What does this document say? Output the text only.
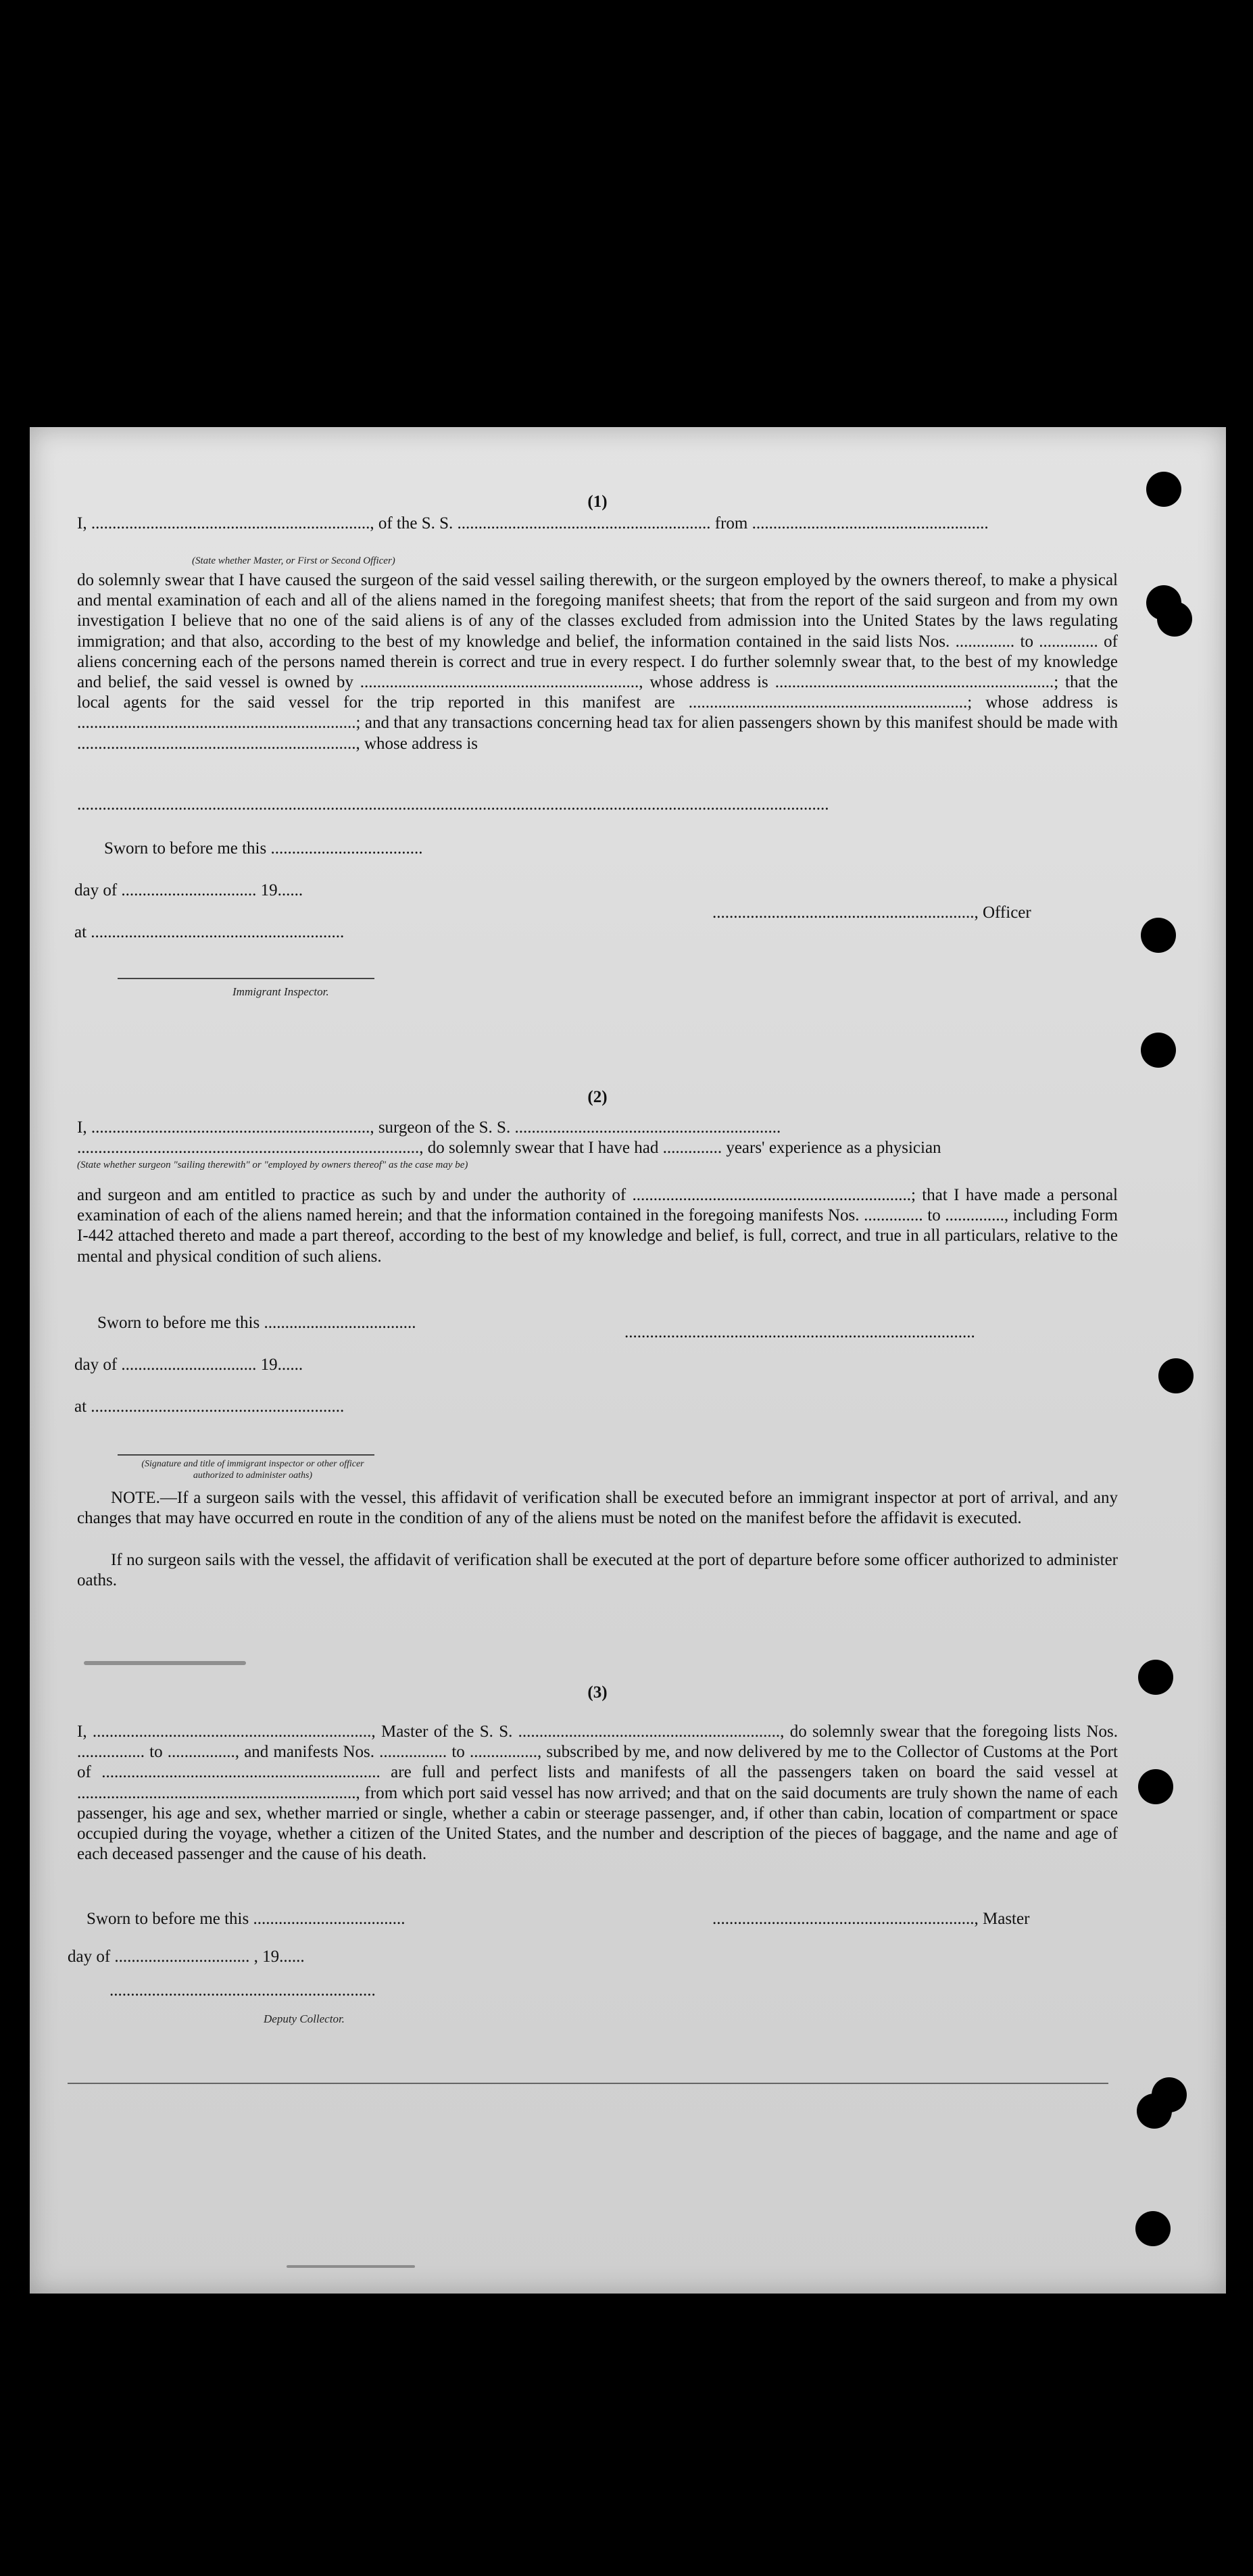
(1)
I, .................................................................., of the S. S. ............................................................ from ........................................................
(State whether Master, or First or Second Officer)
do solemnly swear that I have caused the surgeon of the said vessel sailing therewith, or the surgeon employed by the owners thereof, to make a physical and mental examination of each and all of the aliens named in the foregoing manifest sheets; that from the report of the said surgeon and from my own investigation I believe that no one of the said aliens is of any of the classes excluded from admission into the United States by the laws regulating immigration; and that also, according to the best of my knowledge and belief, the information contained in the said lists Nos. .............. to .............. of aliens concerning each of the persons named therein is correct and true in every respect. I do further solemnly swear that, to the best of my knowledge and belief, the said vessel is owned by .................................................................., whose address is ..................................................................; that the local agents for the said vessel for the trip reported in this manifest are ..................................................................; whose address is ..................................................................; and that any transactions concerning head tax for alien passengers shown by this manifest should be made with .................................................................., whose address is
..................................................................................................................................................................................
Sworn to before me this ....................................
day of ................................ 19......
.............................................................., Officer
at ............................................................
Immigrant Inspector.
(2)
I, .................................................................., surgeon of the S. S. ...............................................................
................................................................................., do solemnly swear that I have had .............. years' experience as a physician
(State whether surgeon "sailing therewith" or "employed by owners thereof" as the case may be)
and surgeon and am entitled to practice as such by and under the authority of ..................................................................; that I have made a personal examination of each of the aliens named herein; and that the information contained in the foregoing manifests Nos. .............. to .............., including Form I-442 attached thereto and made a part thereof, according to the best of my knowledge and belief, is full, correct, and true in all particulars, relative to the mental and physical condition of such aliens.
Sworn to before me this ....................................
...................................................................................
day of ................................ 19......
at ............................................................
(Signature and title of immigrant inspector or other officer authorized to administer oaths)
NOTE.—If a surgeon sails with the vessel, this affidavit of verification shall be executed before an immigrant inspector at port of arrival, and any changes that may have occurred en route in the condition of any of the aliens must be noted on the manifest before the affidavit is executed.
If no surgeon sails with the vessel, the affidavit of verification shall be executed at the port of departure before some officer authorized to administer oaths.
(3)
I, .................................................................., Master of the S. S. .............................................................., do solemnly swear that the foregoing lists Nos. ................ to ................, and manifests Nos. ................ to ................, subscribed by me, and now delivered by me to the Collector of Customs at the Port of .................................................................. are full and perfect lists and manifests of all the passengers taken on board the said vessel at .................................................................., from which port said vessel has now arrived; and that on the said documents are truly shown the name of each passenger, his age and sex, whether married or single, whether a cabin or steerage passenger, and, if other than cabin, location of compartment or space occupied during the voyage, whether a citizen of the United States, and the number and description of the pieces of baggage, and the name and age of each deceased passenger and the cause of his death.
Sworn to before me this ....................................	.............................................................., Master
day of ................................ , 19......
...............................................................
Deputy Collector.
